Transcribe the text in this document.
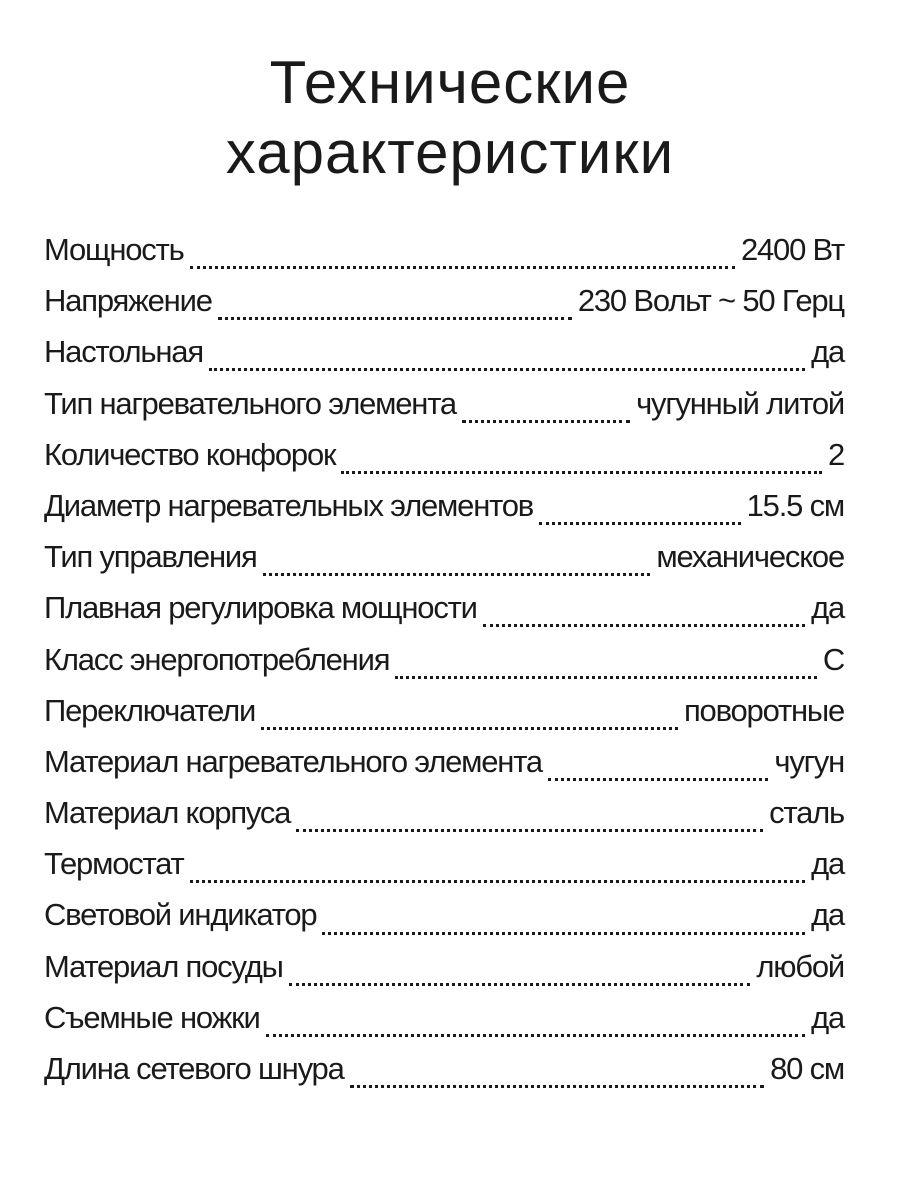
Технические
характеристики
Мощность	2400 Вт
Напряжение	230 Вольт ~ 50 Герц
Настольная	да
Тип нагревательного элемента	чугунный литой
Количество конфорок	2
Диаметр нагревательных элементов	15.5 см
Тип управления	механическое
Плавная регулировка мощности	да
Класс энергопотребления	С
Переключатели	поворотные
Материал нагревательного элемента	чугун
Материал корпуса	сталь
Термостат	да
Световой индикатор	да
Материал посуды	любой
Съемные ножки	да
Длина сетевого шнура	80 см
